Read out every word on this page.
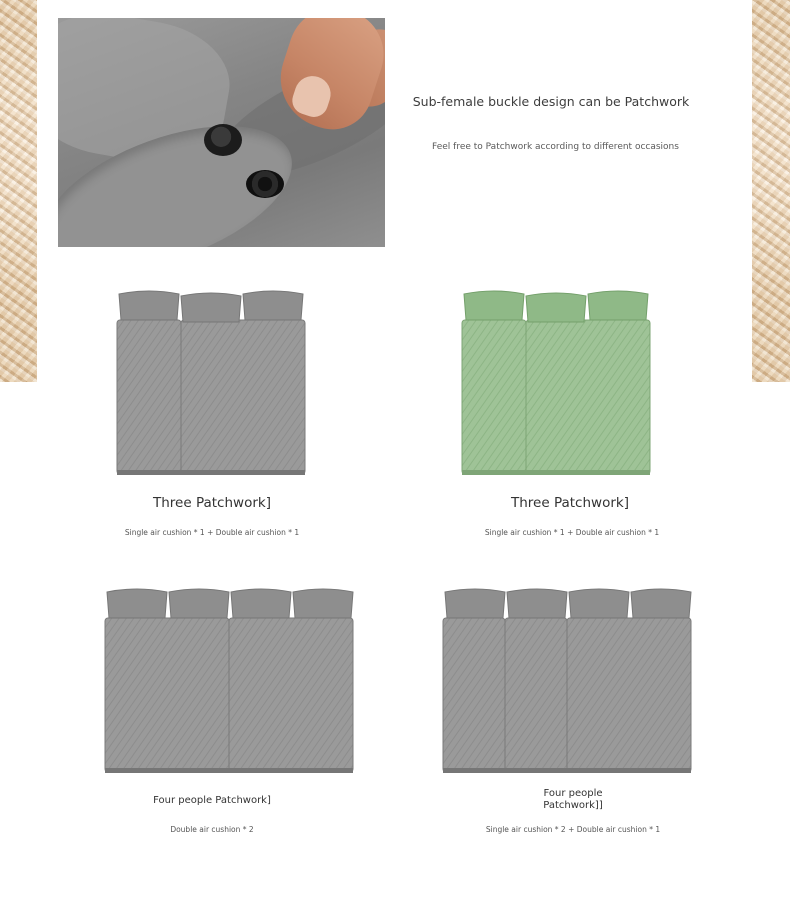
Sub-female buckle design can be Patchwork
Feel free to Patchwork according to different occasions
Three Patchwork]
Single air cushion * 1 + Double air cushion * 1
Three Patchwork]
Single air cushion * 1 + Double air cushion * 1
Four people Patchwork]
Double air cushion * 2
Four people Patchwork]]
Single air cushion * 2 + Double air cushion * 1
